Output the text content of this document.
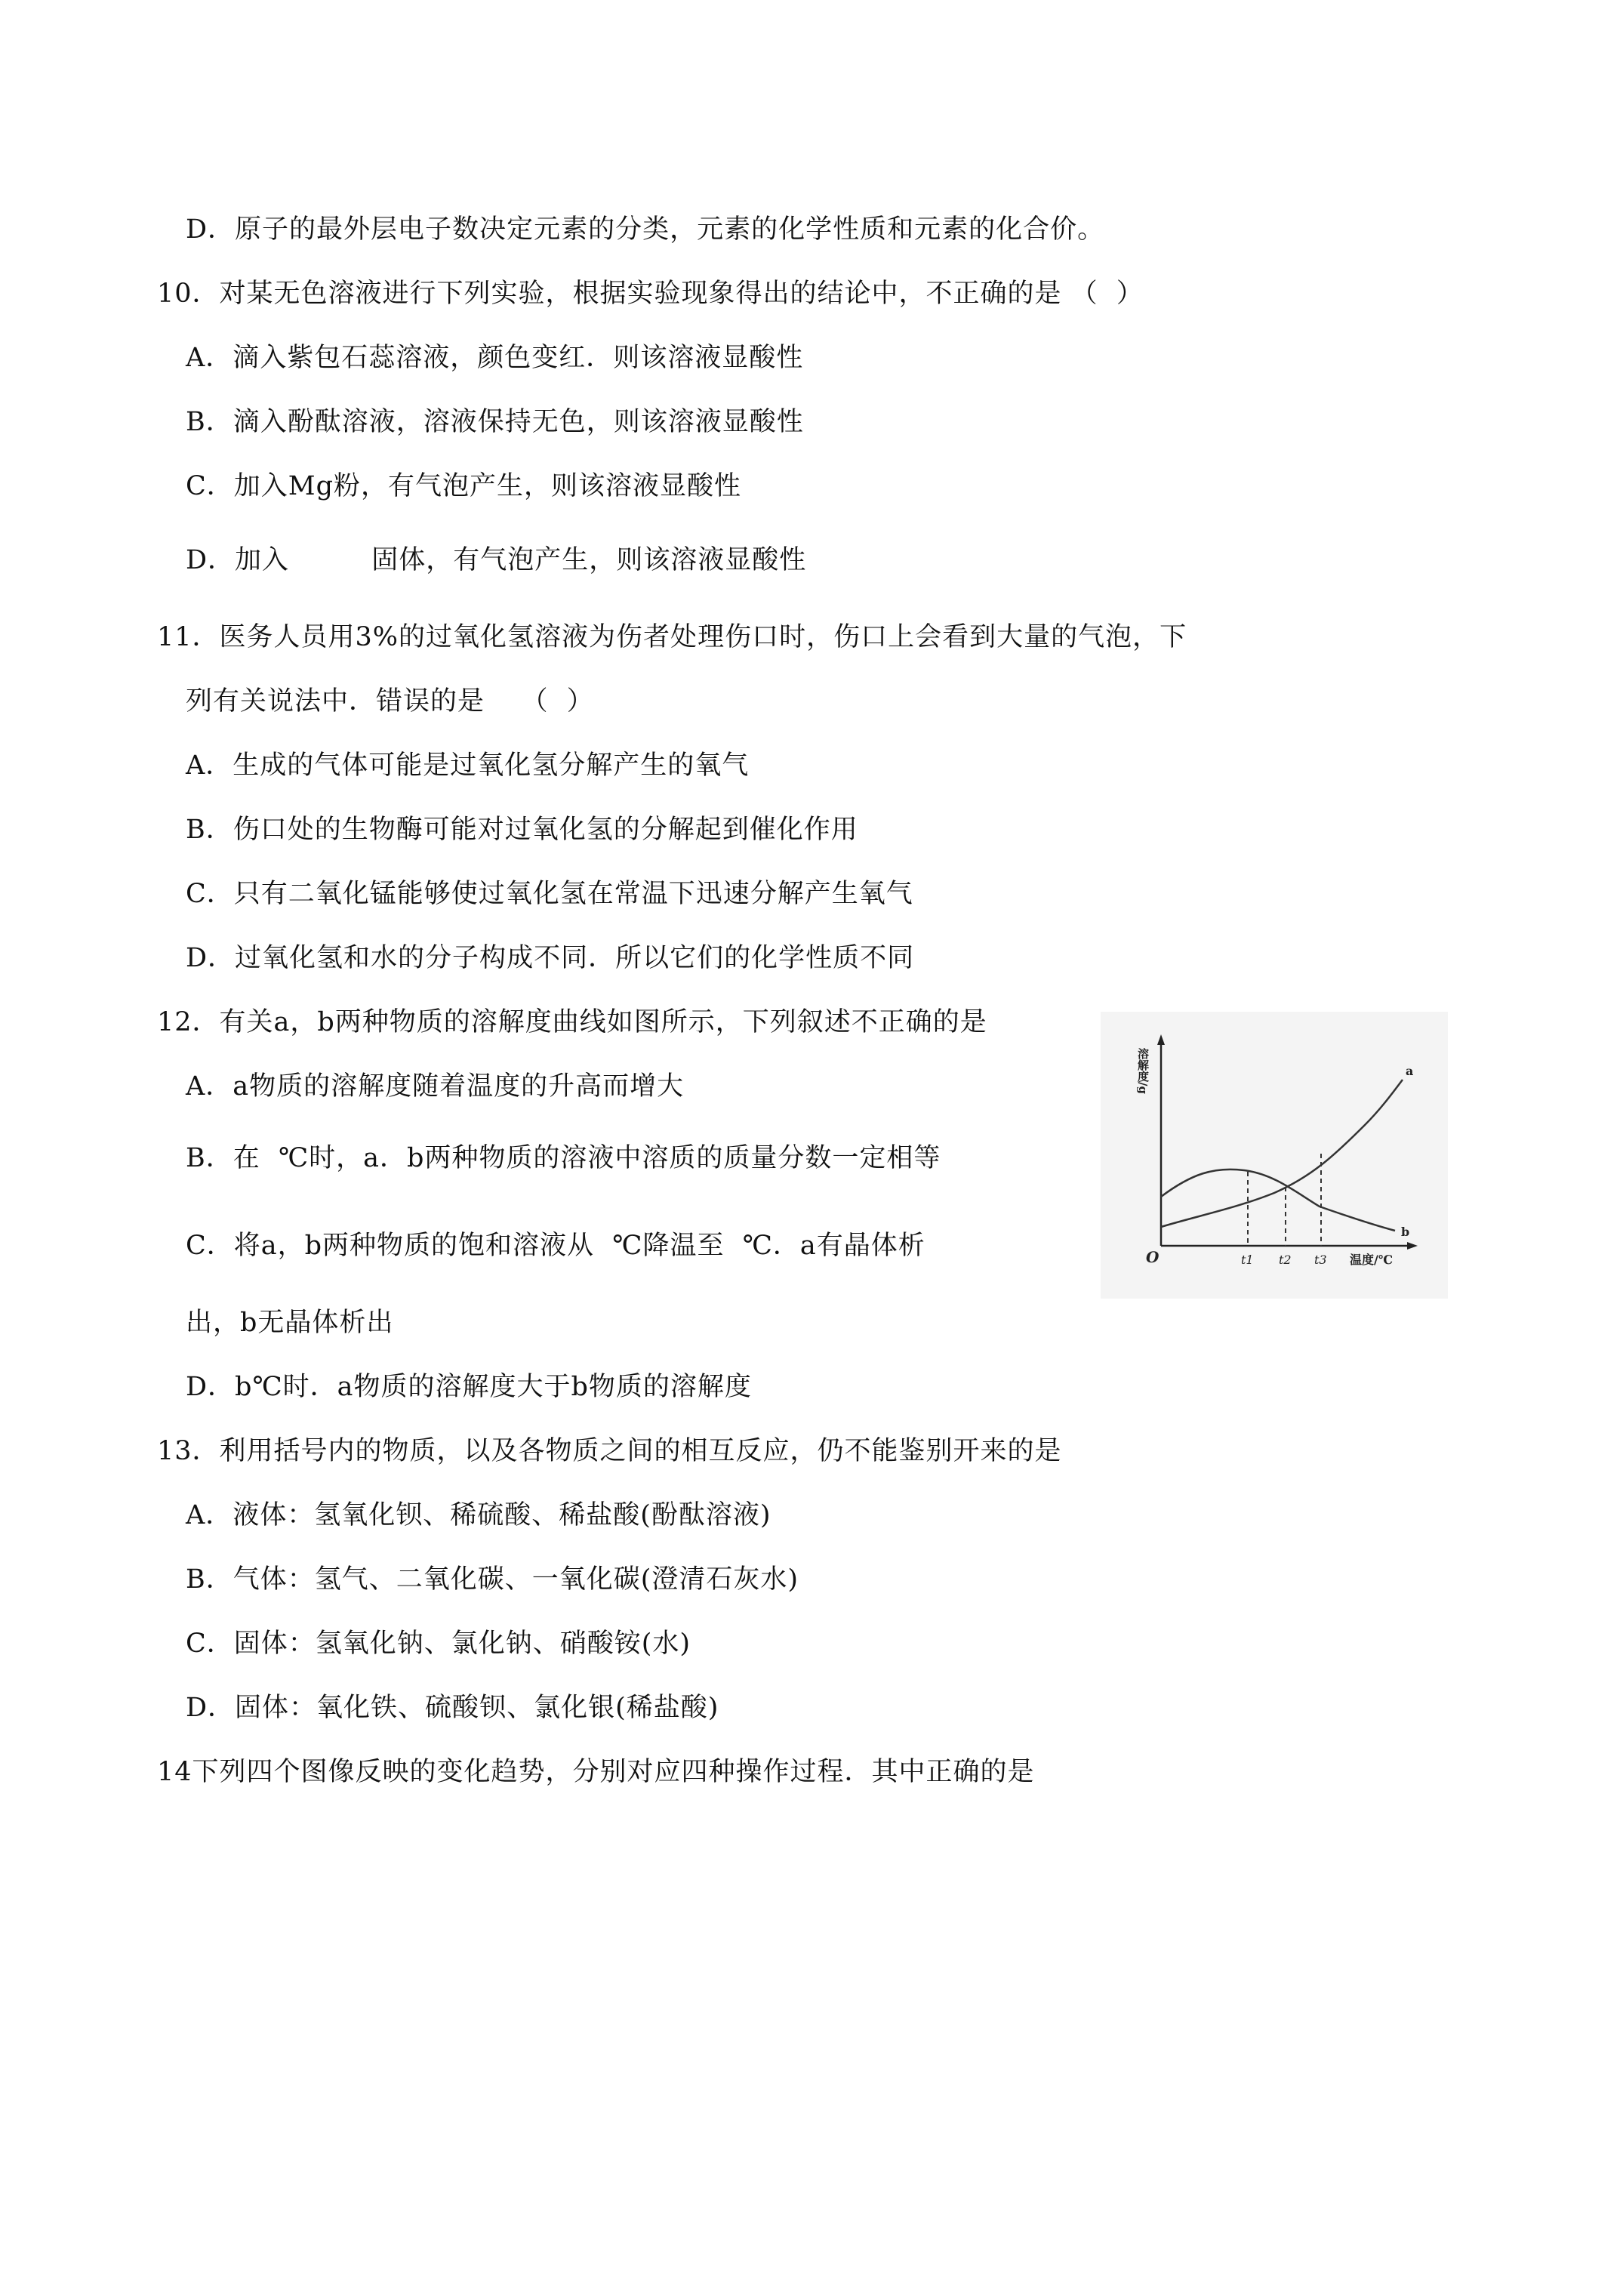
D．原子的最外层电子数决定元素的分类，元素的化学性质和元素的化合价。
10．对某无色溶液进行下列实验，根据实验现象得出的结论中，不正确的是 （  ）
A．滴入紫包石蕊溶液，颜色变红．则该溶液显酸性
B．滴入酚酞溶液，溶液保持无色，则该溶液显酸性
C．加入Mg粉，有气泡产生，则该溶液显酸性
D．加入         固体，有气泡产生，则该溶液显酸性
11．医务人员用3%的过氧化氢溶液为伤者处理伤口时，伤口上会看到大量的气泡，下
列有关说法中．错误的是    （  ）
A．生成的气体可能是过氧化氢分解产生的氧气
B．伤口处的生物酶可能对过氧化氢的分解起到催化作用
C．只有二氧化锰能够使过氧化氢在常温下迅速分解产生氧气
D．过氧化氢和水的分子构成不同．所以它们的化学性质不同
12．有关a，b两种物质的溶解度曲线如图所示，下列叙述不正确的是
A．a物质的溶解度随着温度的升高而增大
B．在  ℃时，a．b两种物质的溶液中溶质的质量分数一定相等
C．将a，b两种物质的饱和溶液从  ℃降温至  ℃．a有晶体析
出，b无晶体析出
D．b℃时．a物质的溶解度大于b物质的溶解度
13．利用括号内的物质，以及各物质之间的相互反应，仍不能鉴别开来的是
A．液体：氢氧化钡、稀硫酸、稀盐酸(酚酞溶液)
B．气体：氢气、二氧化碳、一氧化碳(澄清石灰水)
C．固体：氢氧化钠、氯化钠、硝酸铵(水)
D．固体：氧化铁、硫酸钡、氯化银(稀盐酸)
14下列四个图像反映的变化趋势，分别对应四种操作过程．其中正确的是
溶解度/g	a
b
O	t1 t2 t3 温度/℃
